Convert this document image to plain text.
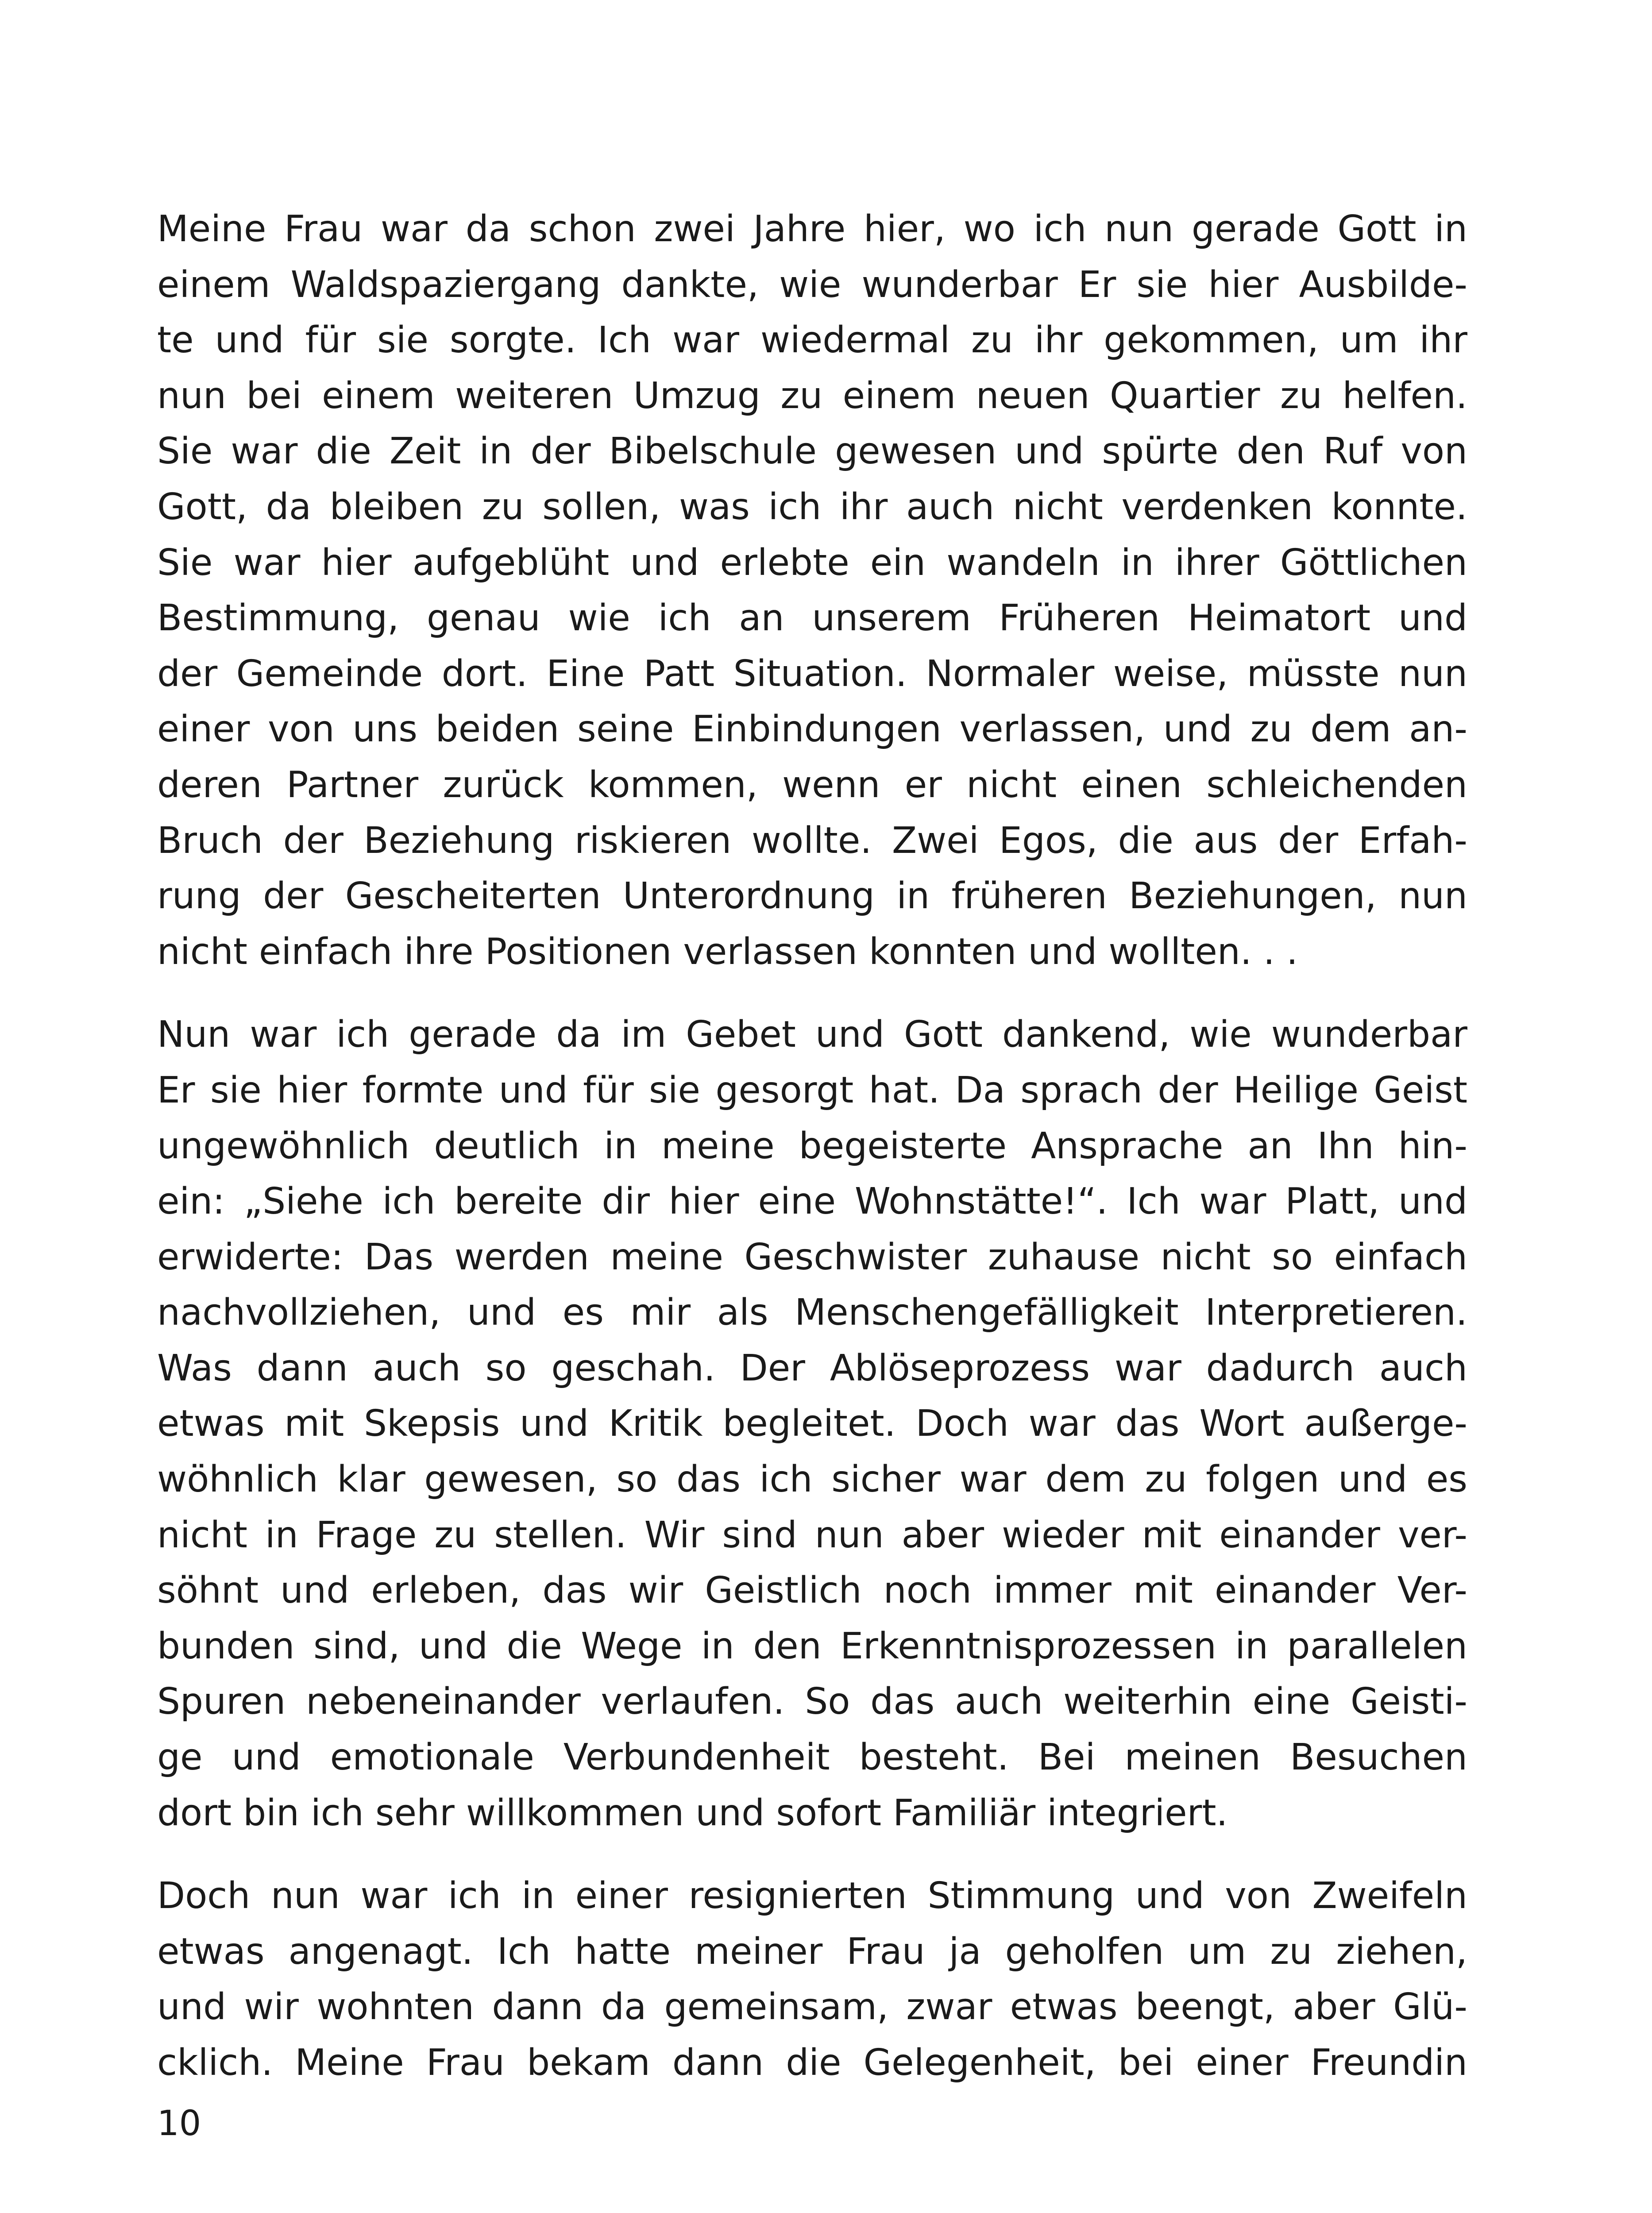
Meine Frau war da schon zwei Jahre hier, wo ich nun gerade Gott in
einem Waldspaziergang dankte, wie wunderbar Er sie hier Ausbilde-
te und für sie sorgte. Ich war wiedermal zu ihr gekommen, um ihr
nun bei einem weiteren Umzug zu einem neuen Quartier zu helfen.
Sie war die Zeit in der Bibelschule gewesen und spürte den Ruf von
Gott, da bleiben zu sollen, was ich ihr auch nicht verdenken konnte.
Sie war hier aufgeblüht und erlebte ein wandeln in ihrer Göttlichen
Bestimmung, genau wie ich an unserem Früheren Heimatort und
der Gemeinde dort. Eine Patt Situation. Normaler weise, müsste nun
einer von uns beiden seine Einbindungen verlassen, und zu dem an-
deren Partner zurück kommen, wenn er nicht einen schleichenden
Bruch der Beziehung riskieren wollte. Zwei Egos, die aus der Erfah-
rung der Gescheiterten Unterordnung in früheren Beziehungen, nun
nicht einfach ihre Positionen verlassen konnten und wollten. . .

Nun war ich gerade da im Gebet und Gott dankend, wie wunderbar
Er sie hier formte und für sie gesorgt hat. Da sprach der Heilige Geist
ungewöhnlich deutlich in meine begeisterte Ansprache an Ihn hin-
ein: „Siehe ich bereite dir hier eine Wohnstätte!“. Ich war Platt, und
erwiderte: Das werden meine Geschwister zuhause nicht so einfach
nachvollziehen, und es mir als Menschengefälligkeit Interpretieren.
Was dann auch so geschah. Der Ablöseprozess war dadurch auch
etwas mit Skepsis und Kritik begleitet. Doch war das Wort außerge-
wöhnlich klar gewesen, so das ich sicher war dem zu folgen und es
nicht in Frage zu stellen. Wir sind nun aber wieder mit einander ver-
söhnt und erleben, das wir Geistlich noch immer mit einander Ver-
bunden sind, und die Wege in den Erkenntnisprozessen in parallelen
Spuren nebeneinander verlaufen. So das auch weiterhin eine Geisti-
ge und emotionale Verbundenheit besteht. Bei meinen Besuchen
dort bin ich sehr willkommen und sofort Familiär integriert.

Doch nun war ich in einer resignierten Stimmung und von Zweifeln
etwas angenagt. Ich hatte meiner Frau ja geholfen um zu ziehen,
und wir wohnten dann da gemeinsam, zwar etwas beengt, aber Glü-
cklich. Meine Frau bekam dann die Gelegenheit, bei einer Freundin

10
